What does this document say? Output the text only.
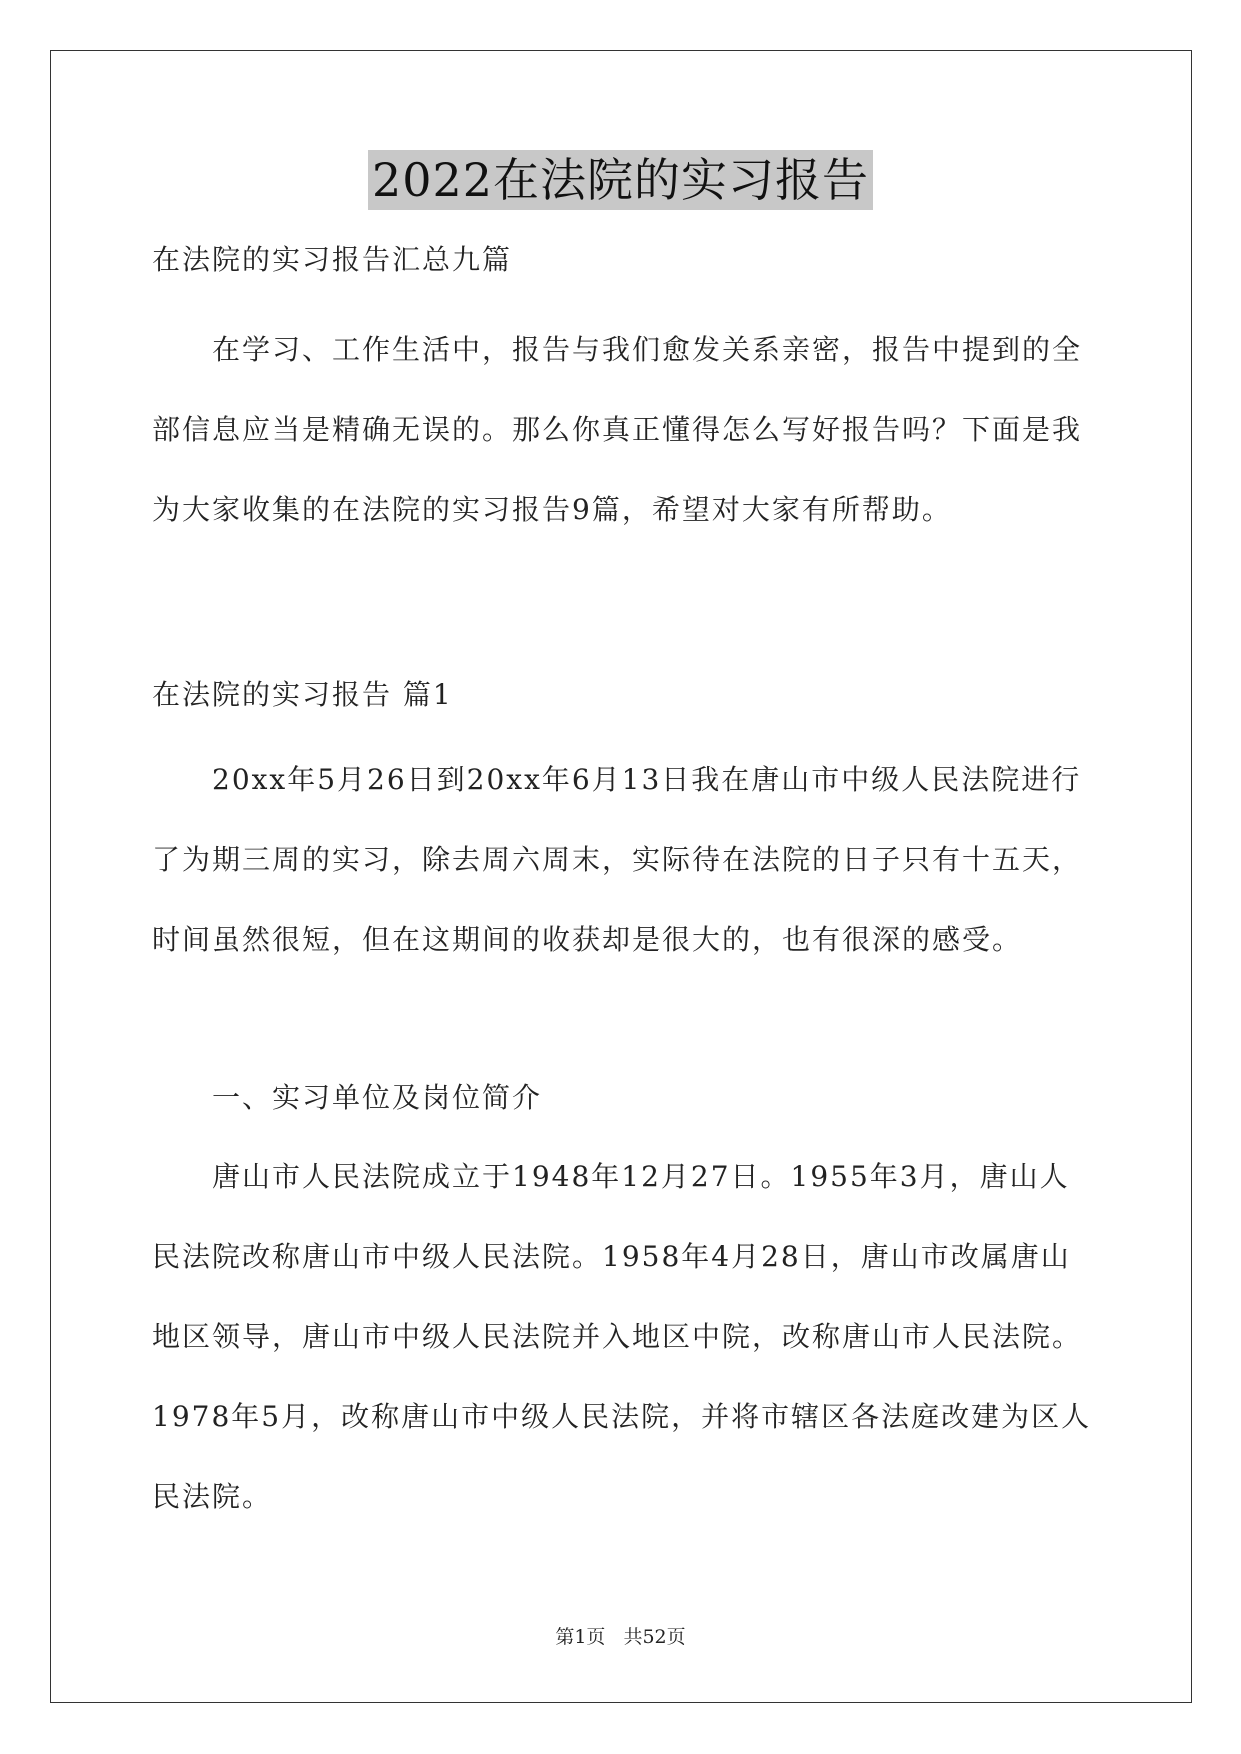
2022在法院的实习报告

在法院的实习报告汇总九篇

在学习、工作生活中，报告与我们愈发关系亲密，报告中提到的全部信息应当是精确无误的。那么你真正懂得怎么写好报告吗？下面是我为大家收集的在法院的实习报告9篇，希望对大家有所帮助。

在法院的实习报告 篇1

20xx年5月26日到20xx年6月13日我在唐山市中级人民法院进行了为期三周的实习，除去周六周末，实际待在法院的日子只有十五天，时间虽然很短，但在这期间的收获却是很大的，也有很深的感受。

一、实习单位及岗位简介

唐山市人民法院成立于1948年12月27日。1955年3月，唐山人民法院改称唐山市中级人民法院。1958年4月28日，唐山市改属唐山地区领导，唐山市中级人民法院并入地区中院，改称唐山市人民法院。1978年5月，改称唐山市中级人民法院，并将市辖区各法庭改建为区人民法院。

第1页 共52页
